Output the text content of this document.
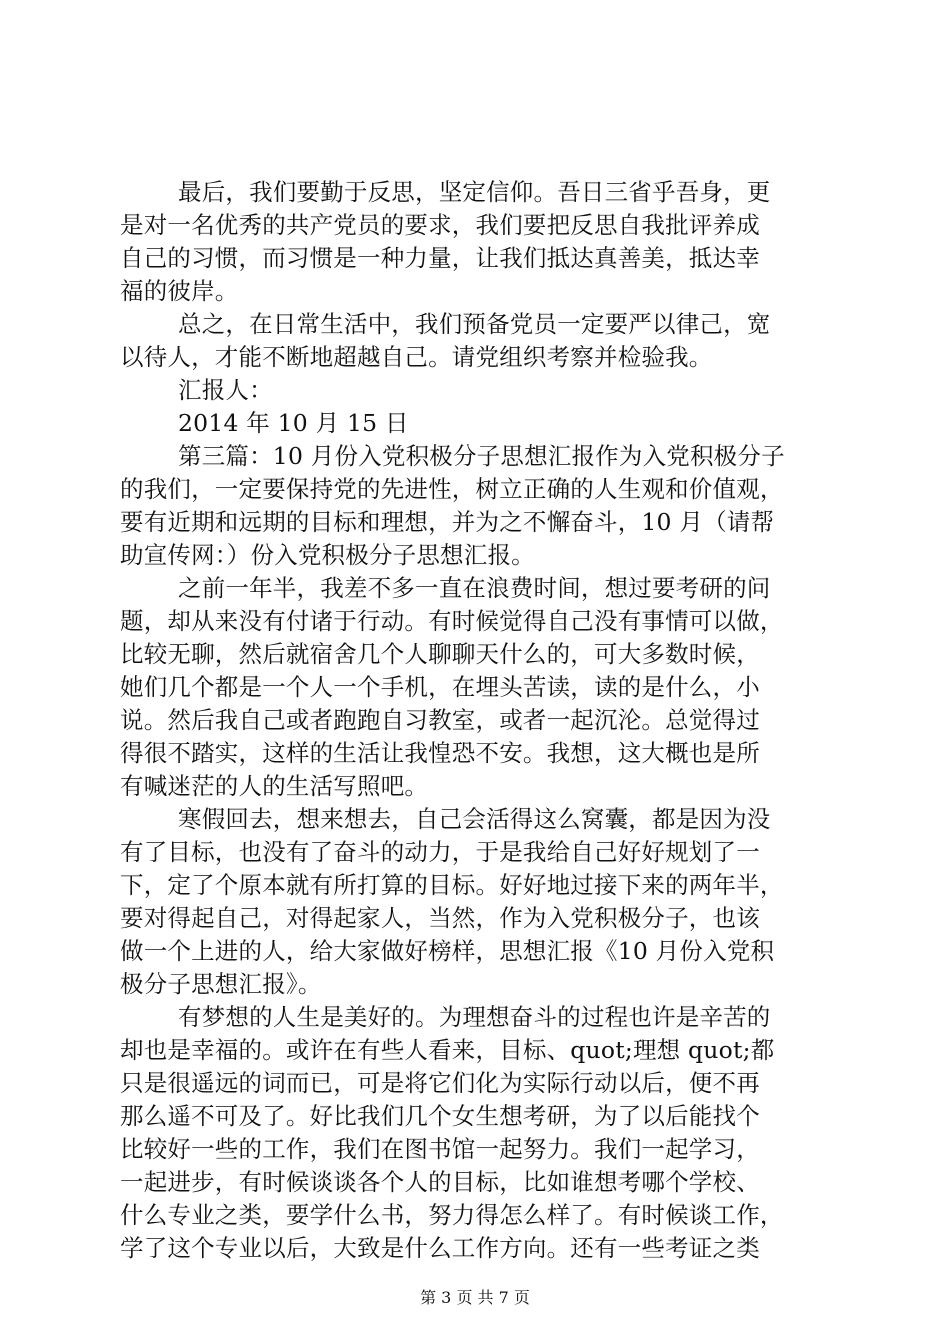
最后，我们要勤于反思，坚定信仰。吾日三省乎吾身，更
是对一名优秀的共产党员的要求，我们要把反思自我批评养成
自己的习惯，而习惯是一种力量，让我们抵达真善美，抵达幸
福的彼岸。
总之，在日常生活中，我们预备党员一定要严以律己，宽
以待人，才能不断地超越自己。请党组织考察并检验我。
汇报人：
2014 年 10 月 15 日
第三篇：10 月份入党积极分子思想汇报作为入党积极分子
的我们，一定要保持党的先进性，树立正确的人生观和价值观，
要有近期和远期的目标和理想，并为之不懈奋斗，10 月（请帮
助宣传网：）份入党积极分子思想汇报。
之前一年半，我差不多一直在浪费时间，想过要考研的问
题，却从来没有付诸于行动。有时候觉得自己没有事情可以做，
比较无聊，然后就宿舍几个人聊聊天什么的，可大多数时候，
她们几个都是一个人一个手机，在埋头苦读，读的是什么，小
说。然后我自己或者跑跑自习教室，或者一起沉沦。总觉得过
得很不踏实，这样的生活让我惶恐不安。我想，这大概也是所
有喊迷茫的人的生活写照吧。
寒假回去，想来想去，自己会活得这么窝囊，都是因为没
有了目标，也没有了奋斗的动力，于是我给自己好好规划了一
下，定了个原本就有所打算的目标。好好地过接下来的两年半，
要对得起自己，对得起家人，当然，作为入党积极分子，也该
做一个上进的人，给大家做好榜样，思想汇报《10 月份入党积
极分子思想汇报》。
有梦想的人生是美好的。为理想奋斗的过程也许是辛苦的
却也是幸福的。或许在有些人看来，目标、quot;理想 quot;都
只是很遥远的词而已，可是将它们化为实际行动以后，便不再
那么遥不可及了。好比我们几个女生想考研，为了以后能找个
比较好一些的工作，我们在图书馆一起努力。我们一起学习，
一起进步，有时候谈谈各个人的目标，比如谁想考哪个学校、
什么专业之类，要学什么书，努力得怎么样了。有时候谈工作，
学了这个专业以后，大致是什么工作方向。还有一些考证之类
第 3 页 共 7 页
